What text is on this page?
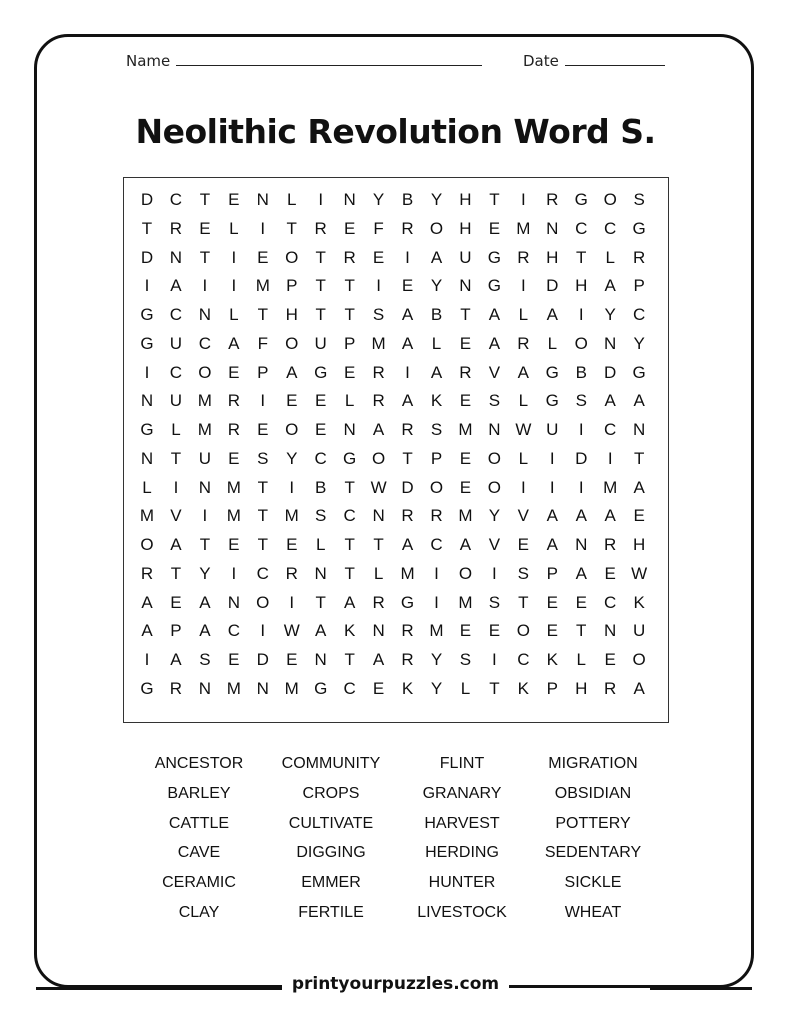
Name	Date
Neolithic Revolution Word S.
D C	T	E	N	L	I	N	Y	B	Y	H	T	I	R G O S
T	R	E	L	I	T	R	E	F	R O H	E M N C C G
D N	T	I	E O	T	R	E	I	A	U G R H	T	L	R
I	A	I	I	M P	T	T	I	E	Y	N G	I	D H	A	P
G C N	L	T	H	T	T	S	A	B	T	A	L	A	I	Y	C
G U C	A	F	O U	P M A	L	E	A	R	L	O N	Y
I	C O E	P	A G E	R	I	A	R	V	A G B	D G
N U M R	I	E	E	L	R	A	K	E	S	L	G S	A	A
G	L	M R	E O E	N	A	R	S M N W U	I	C N
N	T	U	E	S	Y	C G O	T	P	E O	L	I	D	I	T
L	I	N M T	I	B	T W D O E O	I	I	I	M A
M V	I	M T M S	C N R R M Y	V	A	A	A	E
O A	T	E	T	E	L	T	T	A	C	A	V	E	A	N R H
R	T	Y	I	C R N	T	L	M	I	O	I	S	P	A	E W
A	E	A	N O	I	T	A	R G	I	M S	T	E	E	C	K
A	P	A	C	I	W A	K	N R M E	E O E	T	N U
I	A	S	E	D	E	N	T	A	R	Y	S	I	C	K	L	E O
G R N M N M G C	E	K	Y	L	T	K	P	H R	A
ANCESTOR
BARLEY
CATTLE
CAVE
CERAMIC
CLAY
COMMUNITY
CROPS
CULTIVATE
DIGGING
EMMER
FERTILE
FLINT
GRANARY
HARVEST
HERDING
HUNTER
LIVESTOCK
MIGRATION
OBSIDIAN
POTTERY
SEDENTARY
SICKLE
WHEAT
printyourpuzzles.com
